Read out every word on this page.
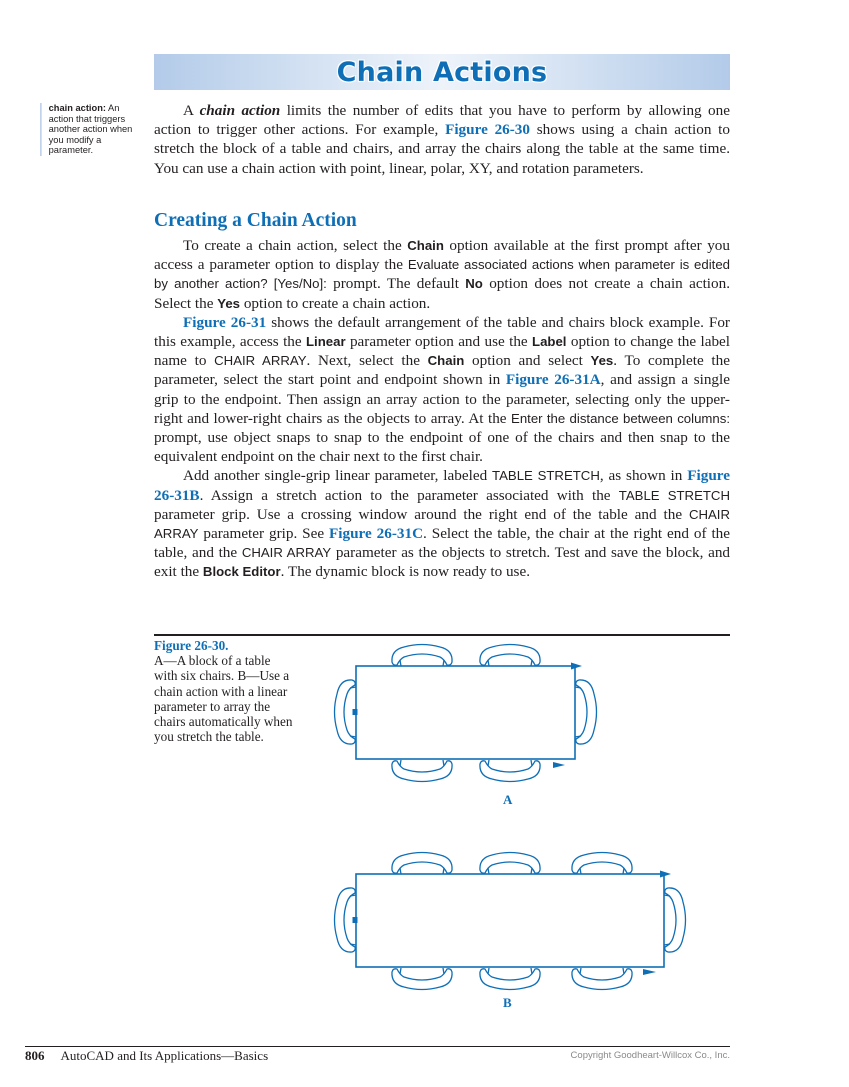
Chain Actions
chain action: An action that triggers another action when you modify a parameter.

A chain action limits the number of edits that you have to perform by allowing one action to trigger other actions. For example, Figure 26-30 shows using a chain action to stretch the block of a table and chairs, and array the chairs along the table at the same time. You can use a chain action with point, linear, polar, XY, and rotation parameters.

Creating a Chain Action

To create a chain action, select the Chain option available at the first prompt after you access a parameter option to display the Evaluate associated actions when parameter is edited by another action? [Yes/No]: prompt. The default No option does not create a chain action. Select the Yes option to create a chain action.

Figure 26-31 shows the default arrangement of the table and chairs block example. For this example, access the Linear parameter option and use the Label option to change the label name to CHAIR ARRAY. Next, select the Chain option and select Yes. To complete the parameter, select the start point and endpoint shown in Figure 26-31A, and assign a single grip to the endpoint. Then assign an array action to the parameter, selecting only the upper-right and lower-right chairs as the objects to array. At the Enter the distance between columns: prompt, use object snaps to snap to the endpoint of one of the chairs and then snap to the equivalent endpoint on the chair next to the first chair.

Add another single-grip linear parameter, labeled TABLE STRETCH, as shown in Figure 26-31B. Assign a stretch action to the parameter associated with the TABLE STRETCH parameter grip. Use a crossing window around the right end of the table and the CHAIR ARRAY parameter grip. See Figure 26-31C. Select the table, the chair at the right end of the table, and the CHAIR ARRAY parameter as the objects to stretch. Test and save the block, and exit the Block Editor. The dynamic block is now ready to use.

Figure 26-30.
A—A block of a table with six chairs. B—Use a chain action with a linear parameter to array the chairs automatically when you stretch the table.
A
B
806 AutoCAD and Its Applications—Basics	Copyright Goodheart-Willcox Co., Inc.
